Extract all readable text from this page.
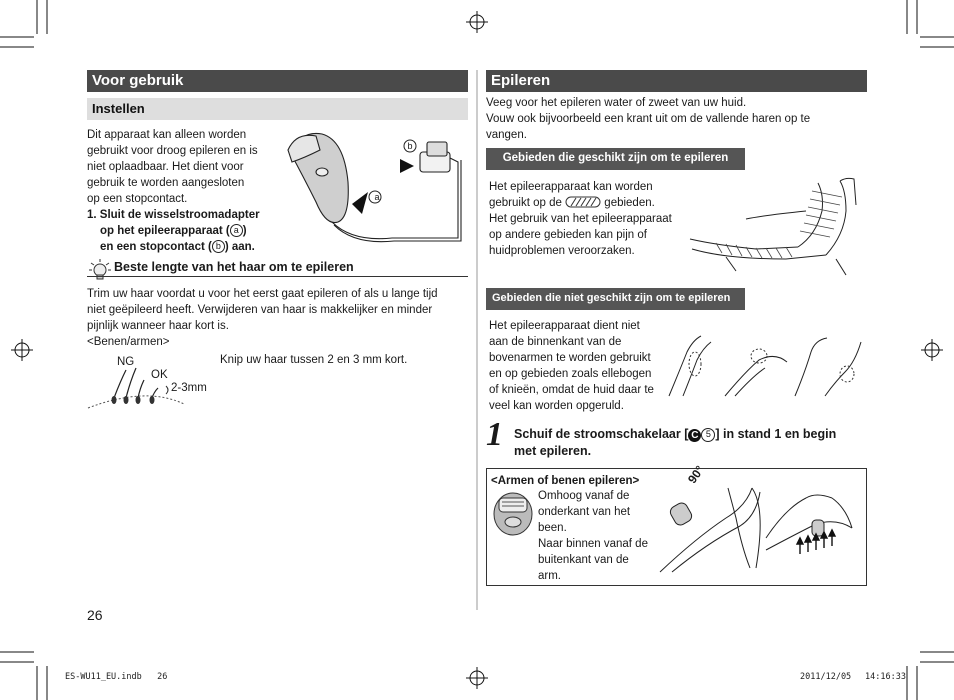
Voor gebruik
Instellen
Dit apparaat kan alleen worden
gebruikt voor droog epileren en is
niet oplaadbaar. Het dient voor
gebruik te worden aangesloten
op een stopcontact.
1. Sluit de wisselstroomadapter
op het epileerapparaat ( a )
en een stopcontact ( b ) aan.
a
b
Beste lengte van het haar om te epileren
Trim uw haar voordat u voor het eerst gaat epileren of als u lange tijd
niet geëpileerd heeft. Verwijderen van haar is makkelijker en minder
pijnlijk wanneer haar kort is.
<Benen/armen>
NG
OK
2-3mm
Knip uw haar tussen 2 en 3 mm kort.
26
Epileren
Veeg voor het epileren water of zweet van uw huid.
Vouw ook bijvoorbeeld een krant uit om de vallende haren op te
vangen.
Gebieden die geschikt zijn om te epileren
Het epileerapparaat kan worden
gebruikt op de	gebieden.
Het gebruik van het epileerapparaat
op andere gebieden kan pijn of
huidproblemen veroorzaken.
Gebieden die niet geschikt zijn om te epileren
Het epileerapparaat dient niet
aan de binnenkant van de
bovenarmen te worden gebruikt
en op gebieden zoals ellebogen
of knieën, omdat de huid daar te
veel kan worden opgeruld.
1 Schuif de stroomschakelaar [ C 5 ] in stand 1 en begin
met epileren.
<Armen of benen epileren>
Omhoog vanaf de
onderkant van het
been.
Naar binnen vanaf de
buitenkant van de
arm.
90°
ES-WU11_EU.indb   26	2011/12/05 14:16:33
